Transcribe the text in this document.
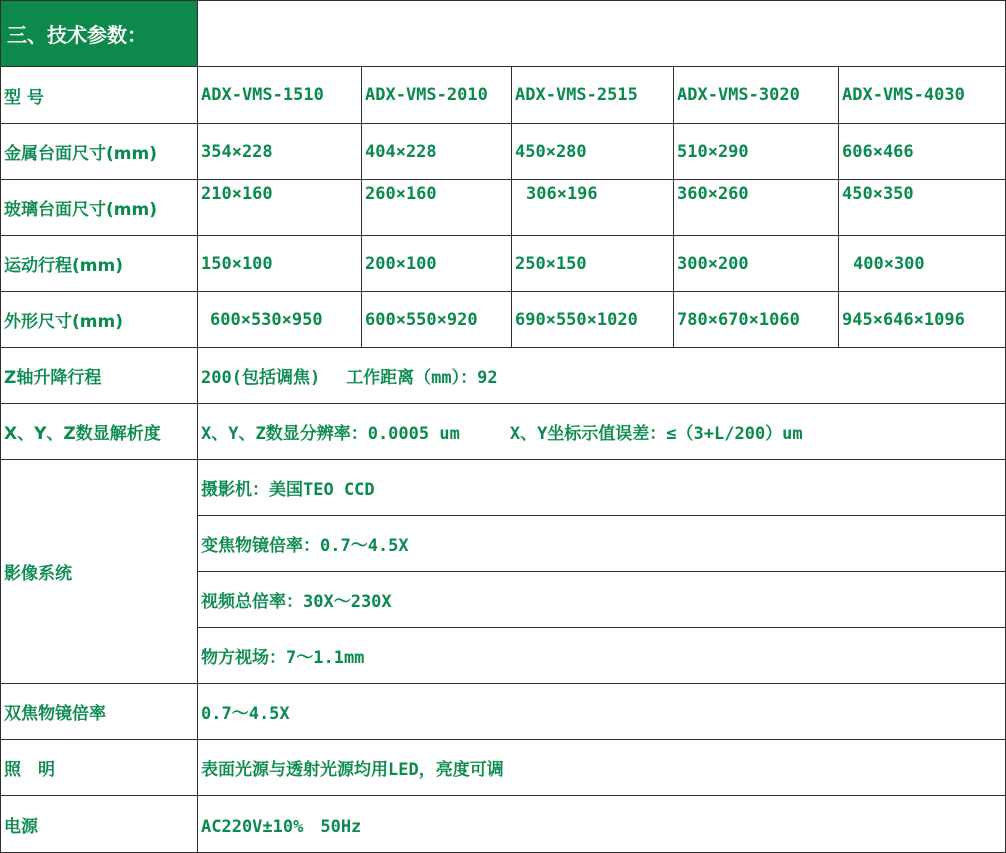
三、技术参数：					
型 号	ADX-VMS-1510	ADX-VMS-2010	ADX-VMS-2515	ADX-VMS-3020	ADX-VMS-4030
金属台面尺寸(mm)	354×228	404×228	450×280	510×290	606×466
玻璃台面尺寸(mm)	210×160	260×160	306×196	360×260	450×350
运动行程(mm)	150×100	200×100	250×150	300×200	400×300
外形尺寸(mm)	600×530×950	600×550×920	690×550×1020	780×670×1060	945×646×1096
Z轴升降行程	200(包括调焦) 工作距离（mm）：92				
X、Y、Z数显解析度	X、Y、Z数显分辨率：0.0005 um X、Y坐标示值误差：≤（3+L/200）um				
影像系统	摄影机：美国TEO CCD				
	变焦物镜倍率：0.7～4.5X				
	视频总倍率：30X～230X				
	物方视场：7～1.1mm				
双焦物镜倍率	0.7～4.5X				
照　明	表面光源与透射光源均用LED，亮度可调				
电源	AC220V±10%　50Hz				
